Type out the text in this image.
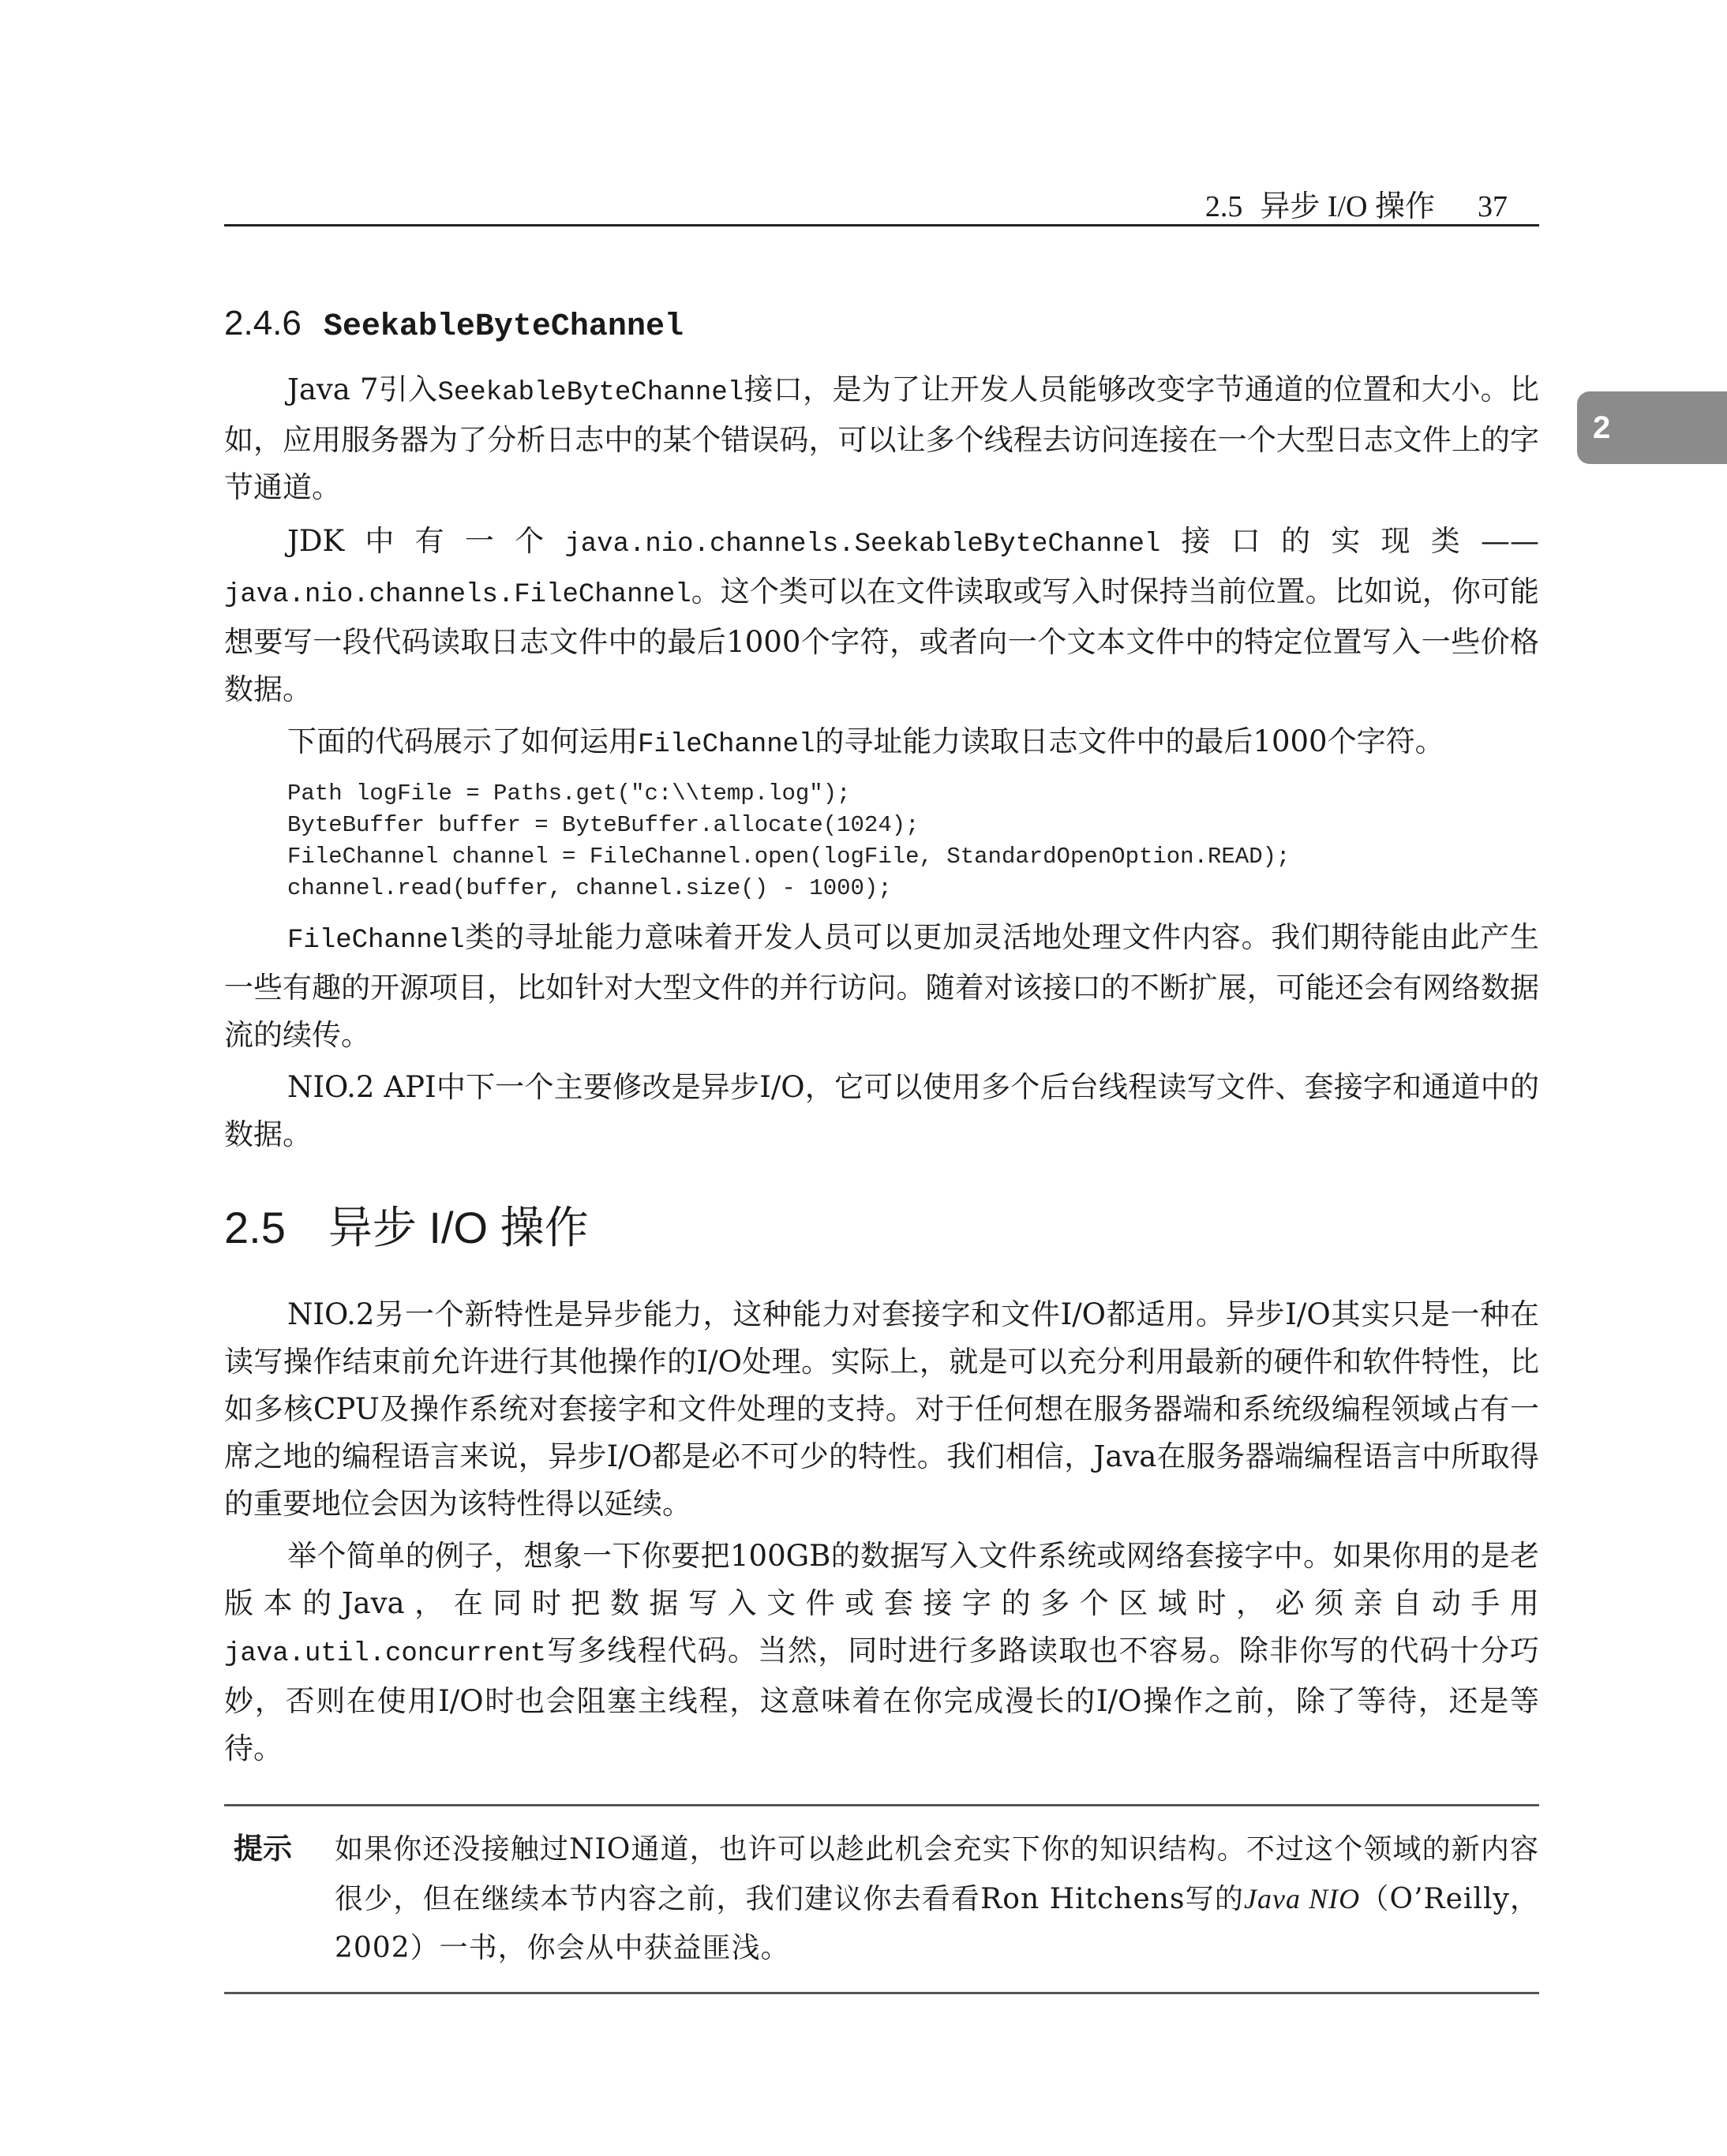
2.5 异步 I/O 操作 37
2
2.4.6 SeekableByteChannel

Java 7引入SeekableByteChannel接口，是为了让开发人员能够改变字节通道的位置和大小。比如，应用服务器为了分析日志中的某个错误码，可以让多个线程去访问连接在一个大型日志文件上的字节通道。

JDK中有一个java.nio.channels.SeekableByteChannel接口的实现类——java.nio.channels.FileChannel。这个类可以在文件读取或写入时保持当前位置。比如说，你可能想要写一段代码读取日志文件中的最后1000个字符，或者向一个文本文件中的特定位置写入一些价格数据。

下面的代码展示了如何运用FileChannel的寻址能力读取日志文件中的最后1000个字符。

Path logFile = Paths.get("c:\\temp.log");
ByteBuffer buffer = ByteBuffer.allocate(1024);
FileChannel channel = FileChannel.open(logFile, StandardOpenOption.READ);
channel.read(buffer, channel.size() - 1000);

FileChannel类的寻址能力意味着开发人员可以更加灵活地处理文件内容。我们期待能由此产生一些有趣的开源项目，比如针对大型文件的并行访问。随着对该接口的不断扩展，可能还会有网络数据流的续传。

NIO.2 API中下一个主要修改是异步I/O，它可以使用多个后台线程读写文件、套接字和通道中的数据。

2.5 异步 I/O 操作

NIO.2另一个新特性是异步能力，这种能力对套接字和文件I/O都适用。异步I/O其实只是一种在读写操作结束前允许进行其他操作的I/O处理。实际上，就是可以充分利用最新的硬件和软件特性，比如多核CPU及操作系统对套接字和文件处理的支持。对于任何想在服务器端和系统级编程领域占有一席之地的编程语言来说，异步I/O都是必不可少的特性。我们相信，Java在服务器端编程语言中所取得的重要地位会因为该特性得以延续。

举个简单的例子，想象一下你要把100GB的数据写入文件系统或网络套接字中。如果你用的是老版本的Java，在同时把数据写入文件或套接字的多个区域时，必须亲自动手用java.util.concurrent写多线程代码。当然，同时进行多路读取也不容易。除非你写的代码十分巧妙，否则在使用I/O时也会阻塞主线程，这意味着在你完成漫长的I/O操作之前，除了等待，还是等待。

提示	如果你还没接触过NIO通道，也许可以趁此机会充实下你的知识结构。不过这个领域的新内容很少，但在继续本节内容之前，我们建议你去看看Ron Hitchens写的Java NIO（O’Reilly，2002）一书，你会从中获益匪浅。
